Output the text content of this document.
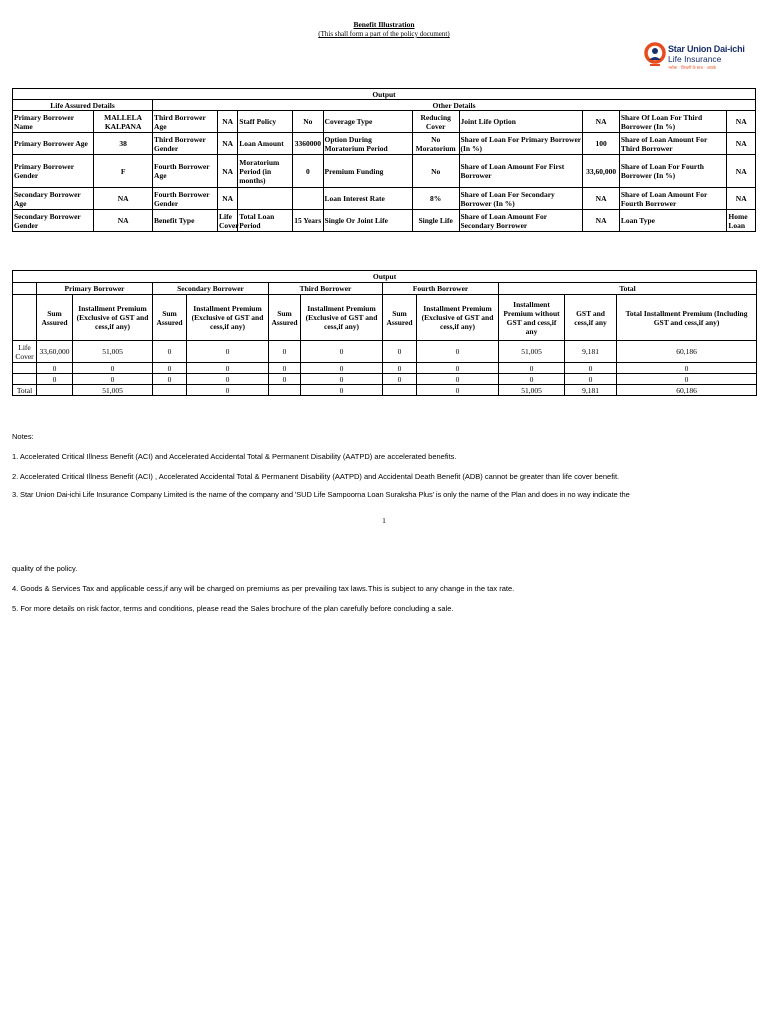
Benefit Illustration
(This shall form a part of the policy document)
Star Union Dai-ichi
Life Insurance
भरोसा · ज़िन्दगी के साथ · आपके
Output											
Life Assured Details		Other Details									
Primary Borrower Name	MALLELA KALPANA	Third Borrower Age	NA	Staff Policy	No	Coverage Type	Reducing Cover	Joint Life Option	NA	Share Of Loan For Third Borrower (In %)	NA
Primary Borrower Age	38	Third Borrower Gender	NA	Loan Amount	3360000	Option During Moratorium Period	No Moratorium	Share of Loan For Primary Borrower (In %)	100	Share of Loan Amount For Third Borrower	NA
Primary Borrower Gender	F	Fourth Borrower Age	NA	Moratorium Period (in months)	0	Premium Funding	No	Share of Loan Amount For First Borrower	33,60,000	Share of Loan For Fourth Borrower (In %)	NA
Secondary Borrower Age	NA	Fourth Borrower Gender	NA			Loan Interest Rate	8%	Share of Loan For Secondary Borrower (In %)	NA	Share of Loan Amount For Fourth Borrower	NA
Secondary Borrower Gender	NA	Benefit Type	Life Cover	Total Loan Period	15 Years	Single Or Joint Life	Single Life	Share of Loan Amount For Secondary Borrower	NA	Loan Type	Home Loan
Output											
	Primary Borrower		Secondary Borrower		Third Borrower		Fourth Borrower		Total		
	Sum Assured	Installment Premium (Exclusive of GST and cess,if any)	Sum Assured	Installment Premium (Exclusive of GST and cess,if any)	Sum Assured	Installment Premium (Exclusive of GST and cess,if any)	Sum Assured	Installment Premium (Exclusive of GST and cess,if any)	Installment Premium without GST and cess,if any	GST and cess,if any	Total Installment Premium (Including GST and cess,if any)
Life Cover	33,60,000	51,005	0	0	0	0	0	0	51,005	9,181	60,186
	0	0	0	0	0	0	0	0	0	0	0
	0	0	0	0	0	0	0	0	0	0	0
Total		51,005		0		0		0	51,005	9,181	60,186
Notes:
1. Accelerated Critical Illness Benefit (ACI) and Accelerated Accidental Total & Permanent Disability (AATPD) are accelerated benefits.
2. Accelerated Critical Illness Benefit (ACI) , Accelerated Accidental Total & Permanent Disability (AATPD) and Accidental Death Benefit (ADB) cannot be greater than life cover benefit.
3. Star Union Dai-ichi Life Insurance Company Limited is the name of the company and 'SUD Life Sampoorna Loan Suraksha Plus' is only the name of the Plan and does in no way indicate the
1
quality of the policy.
4. Goods & Services Tax and applicable cess,if any will be charged on premiums as per prevailing tax laws.This is subject to any change in the tax rate.
5. For more details on risk factor, terms and conditions, please read the Sales brochure of the plan carefully before concluding a sale.
